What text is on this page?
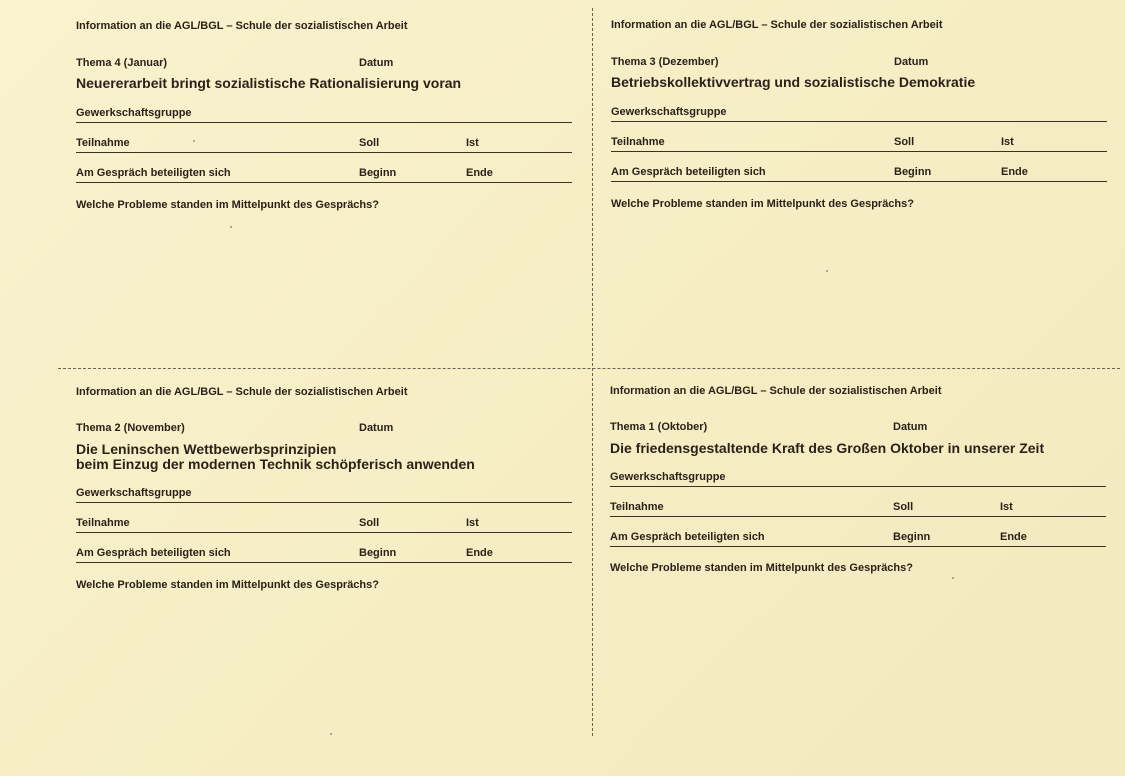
Information an die AGL/BGL – Schule der sozialistischen Arbeit
Thema 4 (Januar)	Datum
Neuererarbeit bringt sozialistische Rationalisierung voran
Gewerkschaftsgruppe
Teilnahme	Soll	Ist
Am Gespräch beteiligten sich	Beginn	Ende
Welche Probleme standen im Mittelpunkt des Gesprächs?
Information an die AGL/BGL – Schule der sozialistischen Arbeit
Thema 3 (Dezember)	Datum
Betriebskollektivvertrag und sozialistische Demokratie
Gewerkschaftsgruppe
Teilnahme	Soll	Ist
Am Gespräch beteiligten sich	Beginn	Ende
Welche Probleme standen im Mittelpunkt des Gesprächs?
Information an die AGL/BGL – Schule der sozialistischen Arbeit
Thema 2 (November)	Datum
Die Leninschen Wettbewerbsprinzipien
beim Einzug der modernen Technik schöpferisch anwenden
Gewerkschaftsgruppe
Teilnahme	Soll	Ist
Am Gespräch beteiligten sich	Beginn	Ende
Welche Probleme standen im Mittelpunkt des Gesprächs?
Information an die AGL/BGL – Schule der sozialistischen Arbeit
Thema 1 (Oktober)	Datum
Die friedensgestaltende Kraft des Großen Oktober in unserer Zeit
Gewerkschaftsgruppe
Teilnahme	Soll	Ist
Am Gespräch beteiligten sich	Beginn	Ende
Welche Probleme standen im Mittelpunkt des Gesprächs?
